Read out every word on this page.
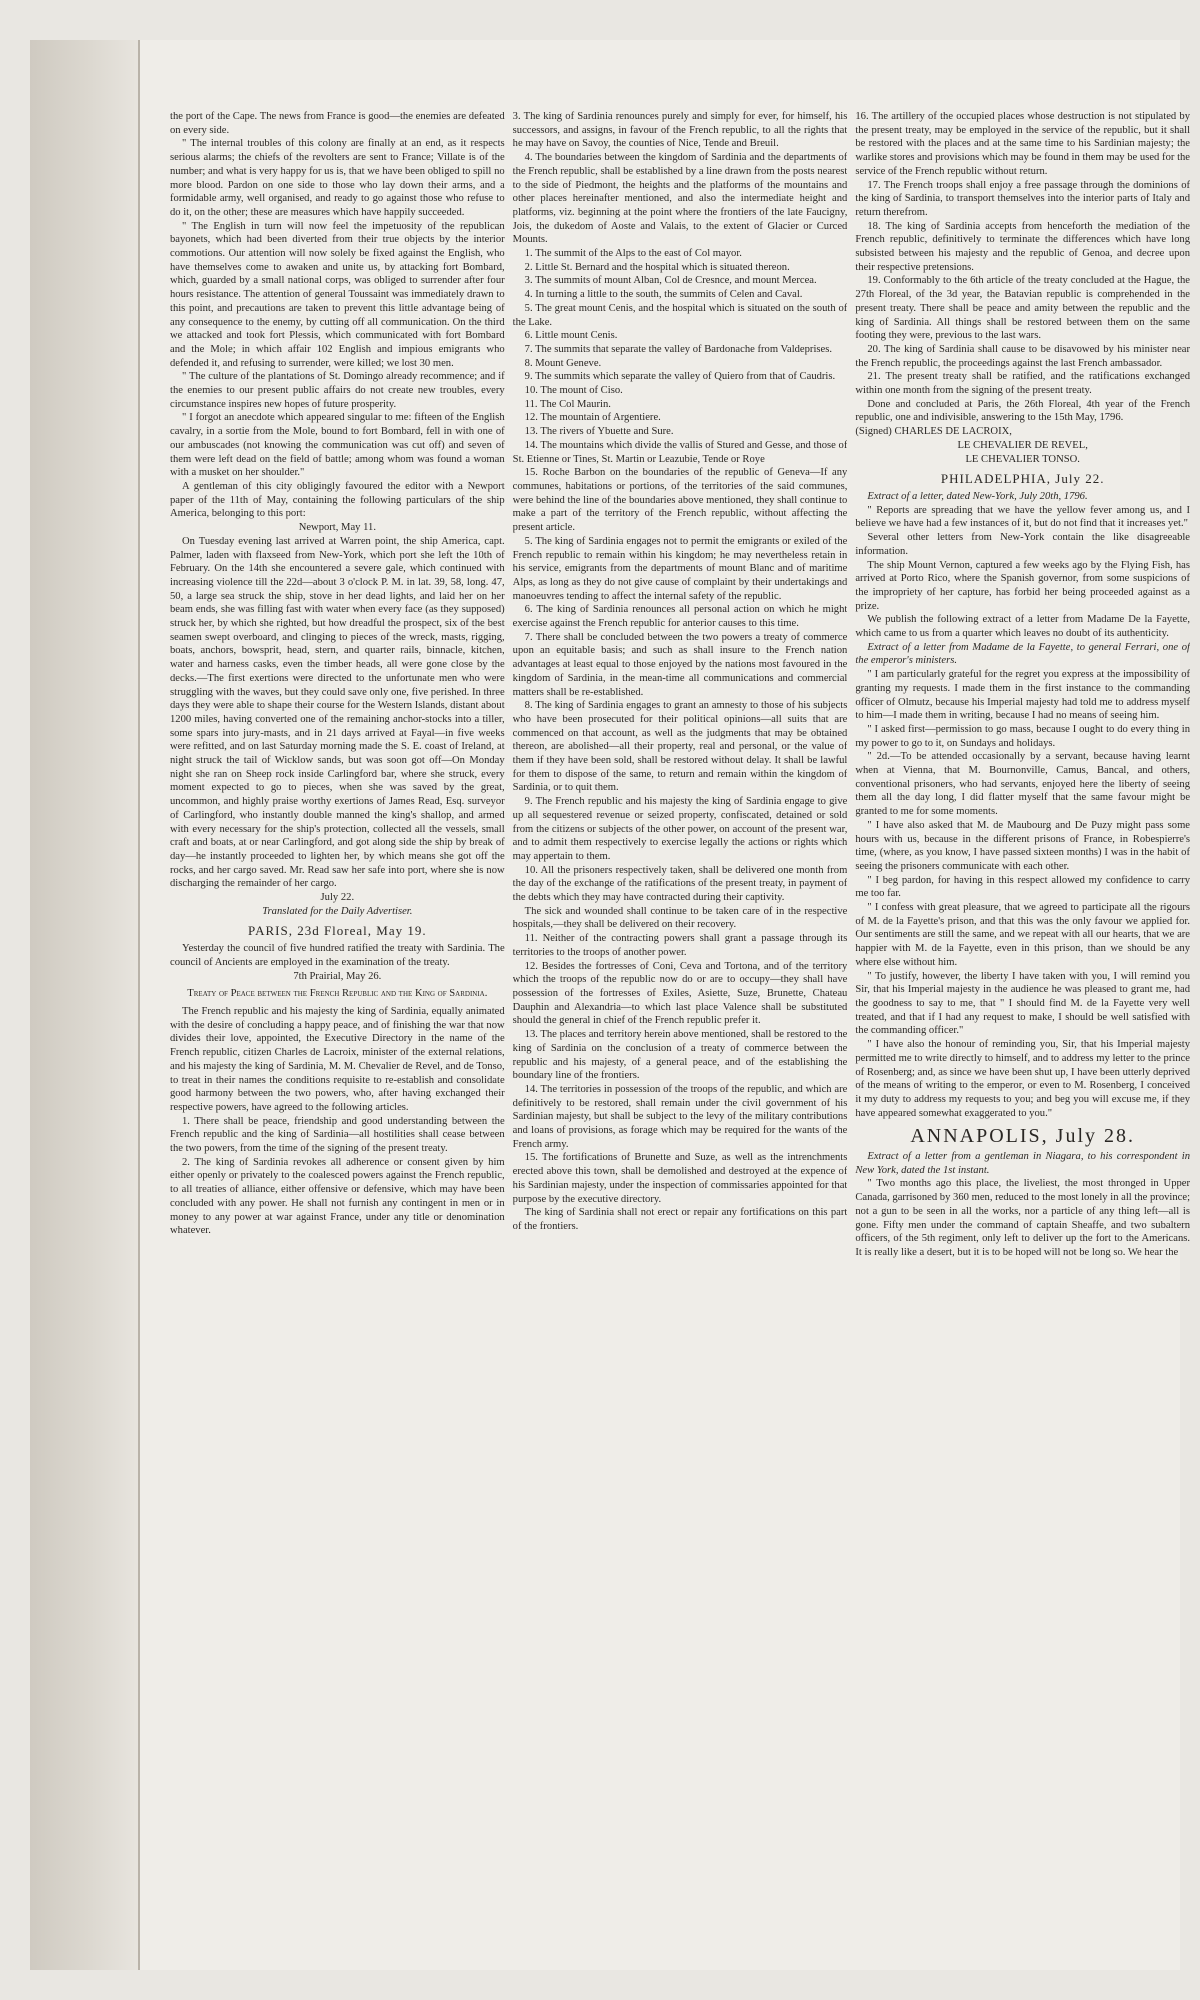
the port of the Cape. The news from France is good—the enemies are defeated on every side.

" The internal troubles of this colony are finally at an end, as it respects serious alarms; the chiefs of the revolters are sent to France; Villate is of the number; and what is very happy for us is, that we have been obliged to spill no more blood. Pardon on one side to those who lay down their arms, and a formidable army, well organised, and ready to go against those who refuse to do it, on the other; these are measures which have happily succeeded.

" The English in turn will now feel the impetuosity of the republican bayonets, which had been diverted from their true objects by the interior commotions. Our attention will now solely be fixed against the English, who have themselves come to awaken and unite us, by attacking fort Bombard, which, guarded by a small national corps, was obliged to surrender after four hours resistance. The attention of general Toussaint was immediately drawn to this point, and precautions are taken to prevent this little advantage being of any consequence to the enemy, by cutting off all communication. On the third we attacked and took fort Plessis, which communicated with fort Bombard and the Mole; in which affair 102 English and impious emigrants who defended it, and refusing to surrender, were killed; we lost 30 men.

" The culture of the plantations of St. Domingo already recommence; and if the enemies to our present public affairs do not create new troubles, every circumstance inspires new hopes of future prosperity.

" I forgot an anecdote which appeared singular to me: fifteen of the English cavalry, in a sortie from the Mole, bound to fort Bombard, fell in with one of our ambuscades (not knowing the communication was cut off) and seven of them were left dead on the field of battle; among whom was found a woman with a musket on her shoulder."

A gentleman of this city obligingly favoured the editor with a Newport paper of the 11th of May, containing the following particulars of the ship America, belonging to this port:

Newport, May 11.

On Tuesday evening last arrived at Warren point, the ship America, capt. Palmer, laden with flaxseed from New-York, which port she left the 10th of February. On the 14th she encountered a severe gale, which continued with increasing violence till the 22d—about 3 o'clock P. M. in lat. 39, 58, long. 47, 50, a large sea struck the ship, stove in her dead lights, and laid her on her beam ends, she was filling fast with water when every face (as they supposed) struck her, by which she righted, but how dreadful the prospect, six of the best seamen swept overboard, and clinging to pieces of the wreck, masts, rigging, boats, anchors, bowsprit, head, stern, and quarter rails, binnacle, kitchen, water and harness casks, even the timber heads, all were gone close by the decks.—The first exertions were directed to the unfortunate men who were struggling with the waves, but they could save only one, five perished. In three days they were able to shape their course for the Western Islands, distant about 1200 miles, having converted one of the remaining anchor-stocks into a tiller, some spars into jury-masts, and in 21 days arrived at Fayal—in five weeks were refitted, and on last Saturday morning made the S. E. coast of Ireland, at night struck the tail of Wicklow sands, but was soon got off—On Monday night she ran on Sheep rock inside Carlingford bar, where she struck, every moment expected to go to pieces, when she was saved by the great, uncommon, and highly praise worthy exertions of James Read, Esq. surveyor of Carlingford, who instantly double manned the king's shallop, and armed with every necessary for the ship's protection, collected all the vessels, small craft and boats, at or near Carlingford, and got along side the ship by break of day—he instantly proceeded to lighten her, by which means she got off the rocks, and her cargo saved. Mr. Read saw her safe into port, where she is now discharging the remainder of her cargo.

July 22.

Translated for the Daily Advertiser.

PARIS, 23d Floreal, May 19.

Yesterday the council of five hundred ratified the treaty with Sardinia. The council of Ancients are employed in the examination of the treaty.

7th Prairial, May 26.

Treaty of Peace between the French Republic and the King of Sardinia.

The French republic and his majesty the king of Sardinia, equally animated with the desire of concluding a happy peace, and of finishing the war that now divides their love, appointed, the Executive Directory in the name of the French republic, citizen Charles de Lacroix, minister of the external relations, and his majesty the king of Sardinia, M. M. Chevalier de Revel, and de Tonso, to treat in their names the conditions requisite to re-establish and consolidate good harmony between the two powers, who, after having exchanged their respective powers, have agreed to the following articles.

1. There shall be peace, friendship and good understanding between the French republic and the king of Sardinia—all hostilities shall cease between the two powers, from the time of the signing of the present treaty.

2. The king of Sardinia revokes all adherence or consent given by him either openly or privately to the coalesced powers against the French republic, to all treaties of alliance, either offensive or defensive, which may have been concluded with any power. He shall not furnish any contingent in men or in money to any power at war against France, under any title or denomination whatever.

3. The king of Sardinia renounces purely and simply for ever, for himself, his successors, and assigns, in favour of the French republic, to all the rights that he may have on Savoy, the counties of Nice, Tende and Breuil.

4. The boundaries between the kingdom of Sardinia and the departments of the French republic, shall be established by a line drawn from the posts nearest to the side of Piedmont, the heights and the platforms of the mountains and other places hereinafter mentioned, and also the intermediate height and platforms, viz. beginning at the point where the frontiers of the late Faucigny, Jois, the dukedom of Aoste and Valais, to the extent of Glacier or Curced Mounts.

1. The summit of the Alps to the east of Col mayor.

2. Little St. Bernard and the hospital which is situated thereon.

3. The summits of mount Alban, Col de Cresnce, and mount Mercea.

4. In turning a little to the south, the summits of Celen and Caval.

5. The great mount Cenis, and the hospital which is situated on the south of the Lake.

6. Little mount Cenis.

7. The summits that separate the valley of Bardonache from Valdeprises.

8. Mount Geneve.

9. The summits which separate the valley of Quiero from that of Caudris.

10. The mount of Ciso.

11. The Col Maurin.

12. The mountain of Argentiere.

13. The rivers of Ybuette and Sure.

14. The mountains which divide the vallis of Stured and Gesse, and those of St. Etienne or Tines, St. Martin or Leazubie, Tende or Roye

15. Roche Barbon on the boundaries of the republic of Geneva—If any communes, habitations or portions, of the territories of the said communes, were behind the line of the boundaries above mentioned, they shall continue to make a part of the territory of the French republic, without affecting the present article.

5. The king of Sardinia engages not to permit the emigrants or exiled of the French republic to remain within his kingdom; he may nevertheless retain in his service, emigrants from the departments of mount Blanc and of maritime Alps, as long as they do not give cause of complaint by their undertakings and manoeuvres tending to affect the internal safety of the republic.

6. The king of Sardinia renounces all personal action on which he might exercise against the French republic for anterior causes to this time.

7. There shall be concluded between the two powers a treaty of commerce upon an equitable basis; and such as shall insure to the French nation advantages at least equal to those enjoyed by the nations most favoured in the kingdom of Sardinia, in the mean-time all communications and commercial matters shall be re-established.

8. The king of Sardinia engages to grant an amnesty to those of his subjects who have been prosecuted for their political opinions—all suits that are commenced on that account, as well as the judgments that may be obtained thereon, are abolished—all their property, real and personal, or the value of them if they have been sold, shall be restored without delay. It shall be lawful for them to dispose of the same, to return and remain within the kingdom of Sardinia, or to quit them.

9. The French republic and his majesty the king of Sardinia engage to give up all sequestered revenue or seized property, confiscated, detained or sold from the citizens or subjects of the other power, on account of the present war, and to admit them respectively to exercise legally the actions or rights which may appertain to them.

10. All the prisoners respectively taken, shall be delivered one month from the day of the exchange of the ratifications of the present treaty, in payment of the debts which they may have contracted during their captivity.

The sick and wounded shall continue to be taken care of in the respective hospitals,—they shall be delivered on their recovery.

11. Neither of the contracting powers shall grant a passage through its territories to the troops of another power.

12. Besides the fortresses of Coni, Ceva and Tortona, and of the territory which the troops of the republic now do or are to occupy—they shall have possession of the fortresses of Exiles, Asiette, Suze, Brunette, Chateau Dauphin and Alexandria—to which last place Valence shall be substituted should the general in chief of the French republic prefer it.

13. The places and territory herein above mentioned, shall be restored to the king of Sardinia on the conclusion of a treaty of commerce between the republic and his majesty, of a general peace, and of the establishing the boundary line of the frontiers.

14. The territories in possession of the troops of the republic, and which are definitively to be restored, shall remain under the civil government of his Sardinian majesty, but shall be subject to the levy of the military contributions and loans of provisions, as forage which may be required for the wants of the French army.

15. The fortifications of Brunette and Suze, as well as the intrenchments erected above this town, shall be demolished and destroyed at the expence of his Sardinian majesty, under the inspection of commissaries appointed for that purpose by the executive directory.

The king of Sardinia shall not erect or repair any fortifications on this part of the frontiers.

16. The artillery of the occupied places whose destruction is not stipulated by the present treaty, may be employed in the service of the republic, but it shall be restored with the places and at the same time to his Sardinian majesty; the warlike stores and provisions which may be found in them may be used for the service of the French republic without return.

17. The French troops shall enjoy a free passage through the dominions of the king of Sardinia, to transport themselves into the interior parts of Italy and return therefrom.

18. The king of Sardinia accepts from henceforth the mediation of the French republic, definitively to terminate the differences which have long subsisted between his majesty and the republic of Genoa, and decree upon their respective pretensions.

19. Conformably to the 6th article of the treaty concluded at the Hague, the 27th Floreal, of the 3d year, the Batavian republic is comprehended in the present treaty. There shall be peace and amity between the republic and the king of Sardinia. All things shall be restored between them on the same footing they were, previous to the last wars.

20. The king of Sardinia shall cause to be disavowed by his minister near the French republic, the proceedings against the last French ambassador.

21. The present treaty shall be ratified, and the ratifications exchanged within one month from the signing of the present treaty.

Done and concluded at Paris, the 26th Floreal, 4th year of the French republic, one and indivisible, answering to the 15th May, 1796.

(Signed) CHARLES DE LACROIX,

LE CHEVALIER DE REVEL,

LE CHEVALIER TONSO.

PHILADELPHIA, July 22.

Extract of a letter, dated New-York, July 20th, 1796.

" Reports are spreading that we have the yellow fever among us, and I believe we have had a few instances of it, but do not find that it increases yet."

Several other letters from New-York contain the like disagreeable information.

The ship Mount Vernon, captured a few weeks ago by the Flying Fish, has arrived at Porto Rico, where the Spanish governor, from some suspicions of the impropriety of her capture, has forbid her being proceeded against as a prize.

We publish the following extract of a letter from Madame De la Fayette, which came to us from a quarter which leaves no doubt of its authenticity.

Extract of a letter from Madame de la Fayette, to general Ferrari, one of the emperor's ministers.

" I am particularly grateful for the regret you express at the impossibility of granting my requests. I made them in the first instance to the commanding officer of Olmutz, because his Imperial majesty had told me to address myself to him—I made them in writing, because I had no means of seeing him.

" I asked first—permission to go mass, because I ought to do every thing in my power to go to it, on Sundays and holidays.

" 2d.—To be attended occasionally by a servant, because having learnt when at Vienna, that M. Bournonville, Camus, Bancal, and others, conventional prisoners, who had servants, enjoyed here the liberty of seeing them all the day long, I did flatter myself that the same favour might be granted to me for some moments.

" I have also asked that M. de Maubourg and De Puzy might pass some hours with us, because in the different prisons of France, in Robespierre's time, (where, as you know, I have passed sixteen months) I was in the habit of seeing the prisoners communicate with each other.

" I beg pardon, for having in this respect allowed my confidence to carry me too far.

" I confess with great pleasure, that we agreed to participate all the rigours of M. de la Fayette's prison, and that this was the only favour we applied for. Our sentiments are still the same, and we repeat with all our hearts, that we are happier with M. de la Fayette, even in this prison, than we should be any where else without him.

" To justify, however, the liberty I have taken with you, I will remind you Sir, that his Imperial majesty in the audience he was pleased to grant me, had the goodness to say to me, that " I should find M. de la Fayette very well treated, and that if I had any request to make, I should be well satisfied with the commanding officer."

" I have also the honour of reminding you, Sir, that his Imperial majesty permitted me to write directly to himself, and to address my letter to the prince of Rosenberg; and, as since we have been shut up, I have been utterly deprived of the means of writing to the emperor, or even to M. Rosenberg, I conceived it my duty to address my requests to you; and beg you will excuse me, if they have appeared somewhat exaggerated to you."

ANNAPOLIS, July 28.

Extract of a letter from a gentleman in Niagara, to his correspondent in New York, dated the 1st instant.

" Two months ago this place, the liveliest, the most thronged in Upper Canada, garrisoned by 360 men, reduced to the most lonely in all the province; not a gun to be seen in all the works, nor a particle of any thing left—all is gone. Fifty men under the command of captain Sheaffe, and two subaltern officers, of the 5th regiment, only left to deliver up the fort to the Americans. It is really like a desert, but it is to be hoped will not be long so. We hear the
